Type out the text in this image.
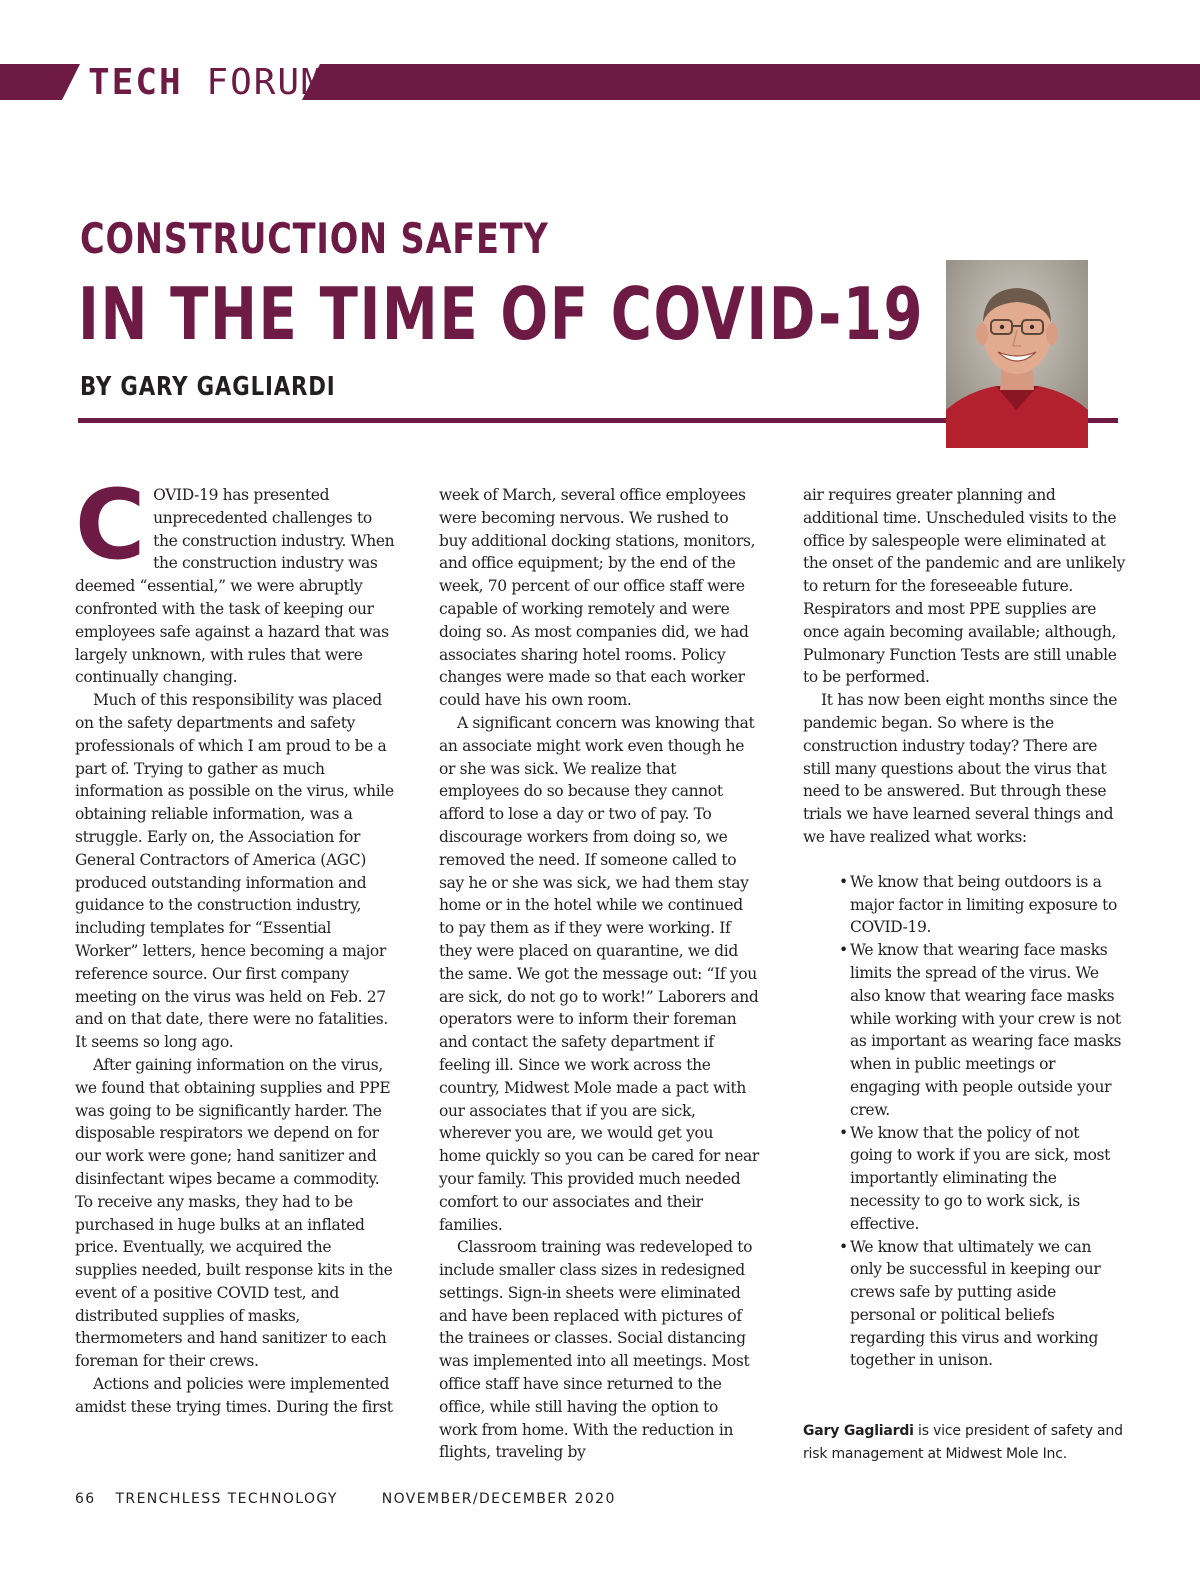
TECH FORUM
CONSTRUCTION SAFETY
IN THE TIME OF COVID-19
BY GARY GAGLIARDI

COVID-19 has presented unprecedented challenges to the construction industry. When the construction industry was deemed “essential,” we were abruptly confronted with the task of keeping our employees safe against a hazard that was largely unknown, with rules that were continually changing.

Much of this responsibility was placed on the safety departments and safety professionals of which I am proud to be a part of. Trying to gather as much information as possible on the virus, while obtaining reliable information, was a struggle. Early on, the Association for General Contractors of America (AGC) produced outstanding information and guidance to the construction industry, including templates for “Essential Worker” letters, hence becoming a major reference source. Our first company meeting on the virus was held on Feb. 27 and on that date, there were no fatalities. It seems so long ago.

After gaining information on the virus, we found that obtaining supplies and PPE was going to be significantly harder. The disposable respirators we depend on for our work were gone; hand sanitizer and disinfectant wipes became a commodity. To receive any masks, they had to be purchased in huge bulks at an inflated price. Eventually, we acquired the supplies needed, built response kits in the event of a positive COVID test, and distributed supplies of masks, thermometers and hand sanitizer to each foreman for their crews.

Actions and policies were implemented amidst these trying times. During the first

week of March, several office employees were becoming nervous. We rushed to buy additional docking stations, monitors, and office equipment; by the end of the week, 70 percent of our office staff were capable of working remotely and were doing so. As most companies did, we had associates sharing hotel rooms. Policy changes were made so that each worker could have his own room.

A significant concern was knowing that an associate might work even though he or she was sick. We realize that employees do so because they cannot afford to lose a day or two of pay. To discourage workers from doing so, we removed the need. If someone called to say he or she was sick, we had them stay home or in the hotel while we continued to pay them as if they were working. If they were placed on quarantine, we did the same. We got the message out: “If you are sick, do not go to work!” Laborers and operators were to inform their foreman and contact the safety department if feeling ill. Since we work across the country, Midwest Mole made a pact with our associates that if you are sick, wherever you are, we would get you home quickly so you can be cared for near your family. This provided much needed comfort to our associates and their families.

Classroom training was redeveloped to include smaller class sizes in redesigned settings. Sign-in sheets were eliminated and have been replaced with pictures of the trainees or classes. Social distancing was implemented into all meetings. Most office staff have since returned to the office, while still having the option to work from home. With the reduction in flights, traveling by

air requires greater planning and additional time. Unscheduled visits to the office by salespeople were eliminated at the onset of the pandemic and are unlikely to return for the foreseeable future. Respirators and most PPE supplies are once again becoming available; although, Pulmonary Function Tests are still unable to be performed.

It has now been eight months since the pandemic began. So where is the construction industry today? There are still many questions about the virus that need to be answered. But through these trials we have learned several things and we have realized what works:

• We know that being outdoors is a major factor in limiting exposure to COVID-19.
• We know that wearing face masks limits the spread of the virus. We also know that wearing face masks while working with your crew is not as important as wearing face masks when in public meetings or engaging with people outside your crew.
• We know that the policy of not going to work if you are sick, most importantly eliminating the necessity to go to work sick, is effective.
• We know that ultimately we can only be successful in keeping our crews safe by putting aside personal or political beliefs regarding this virus and working together in unison.

Gary Gagliardi is vice president of safety and risk management at Midwest Mole Inc.

66 TRENCHLESS TECHNOLOGY	NOVEMBER/DECEMBER 2020
